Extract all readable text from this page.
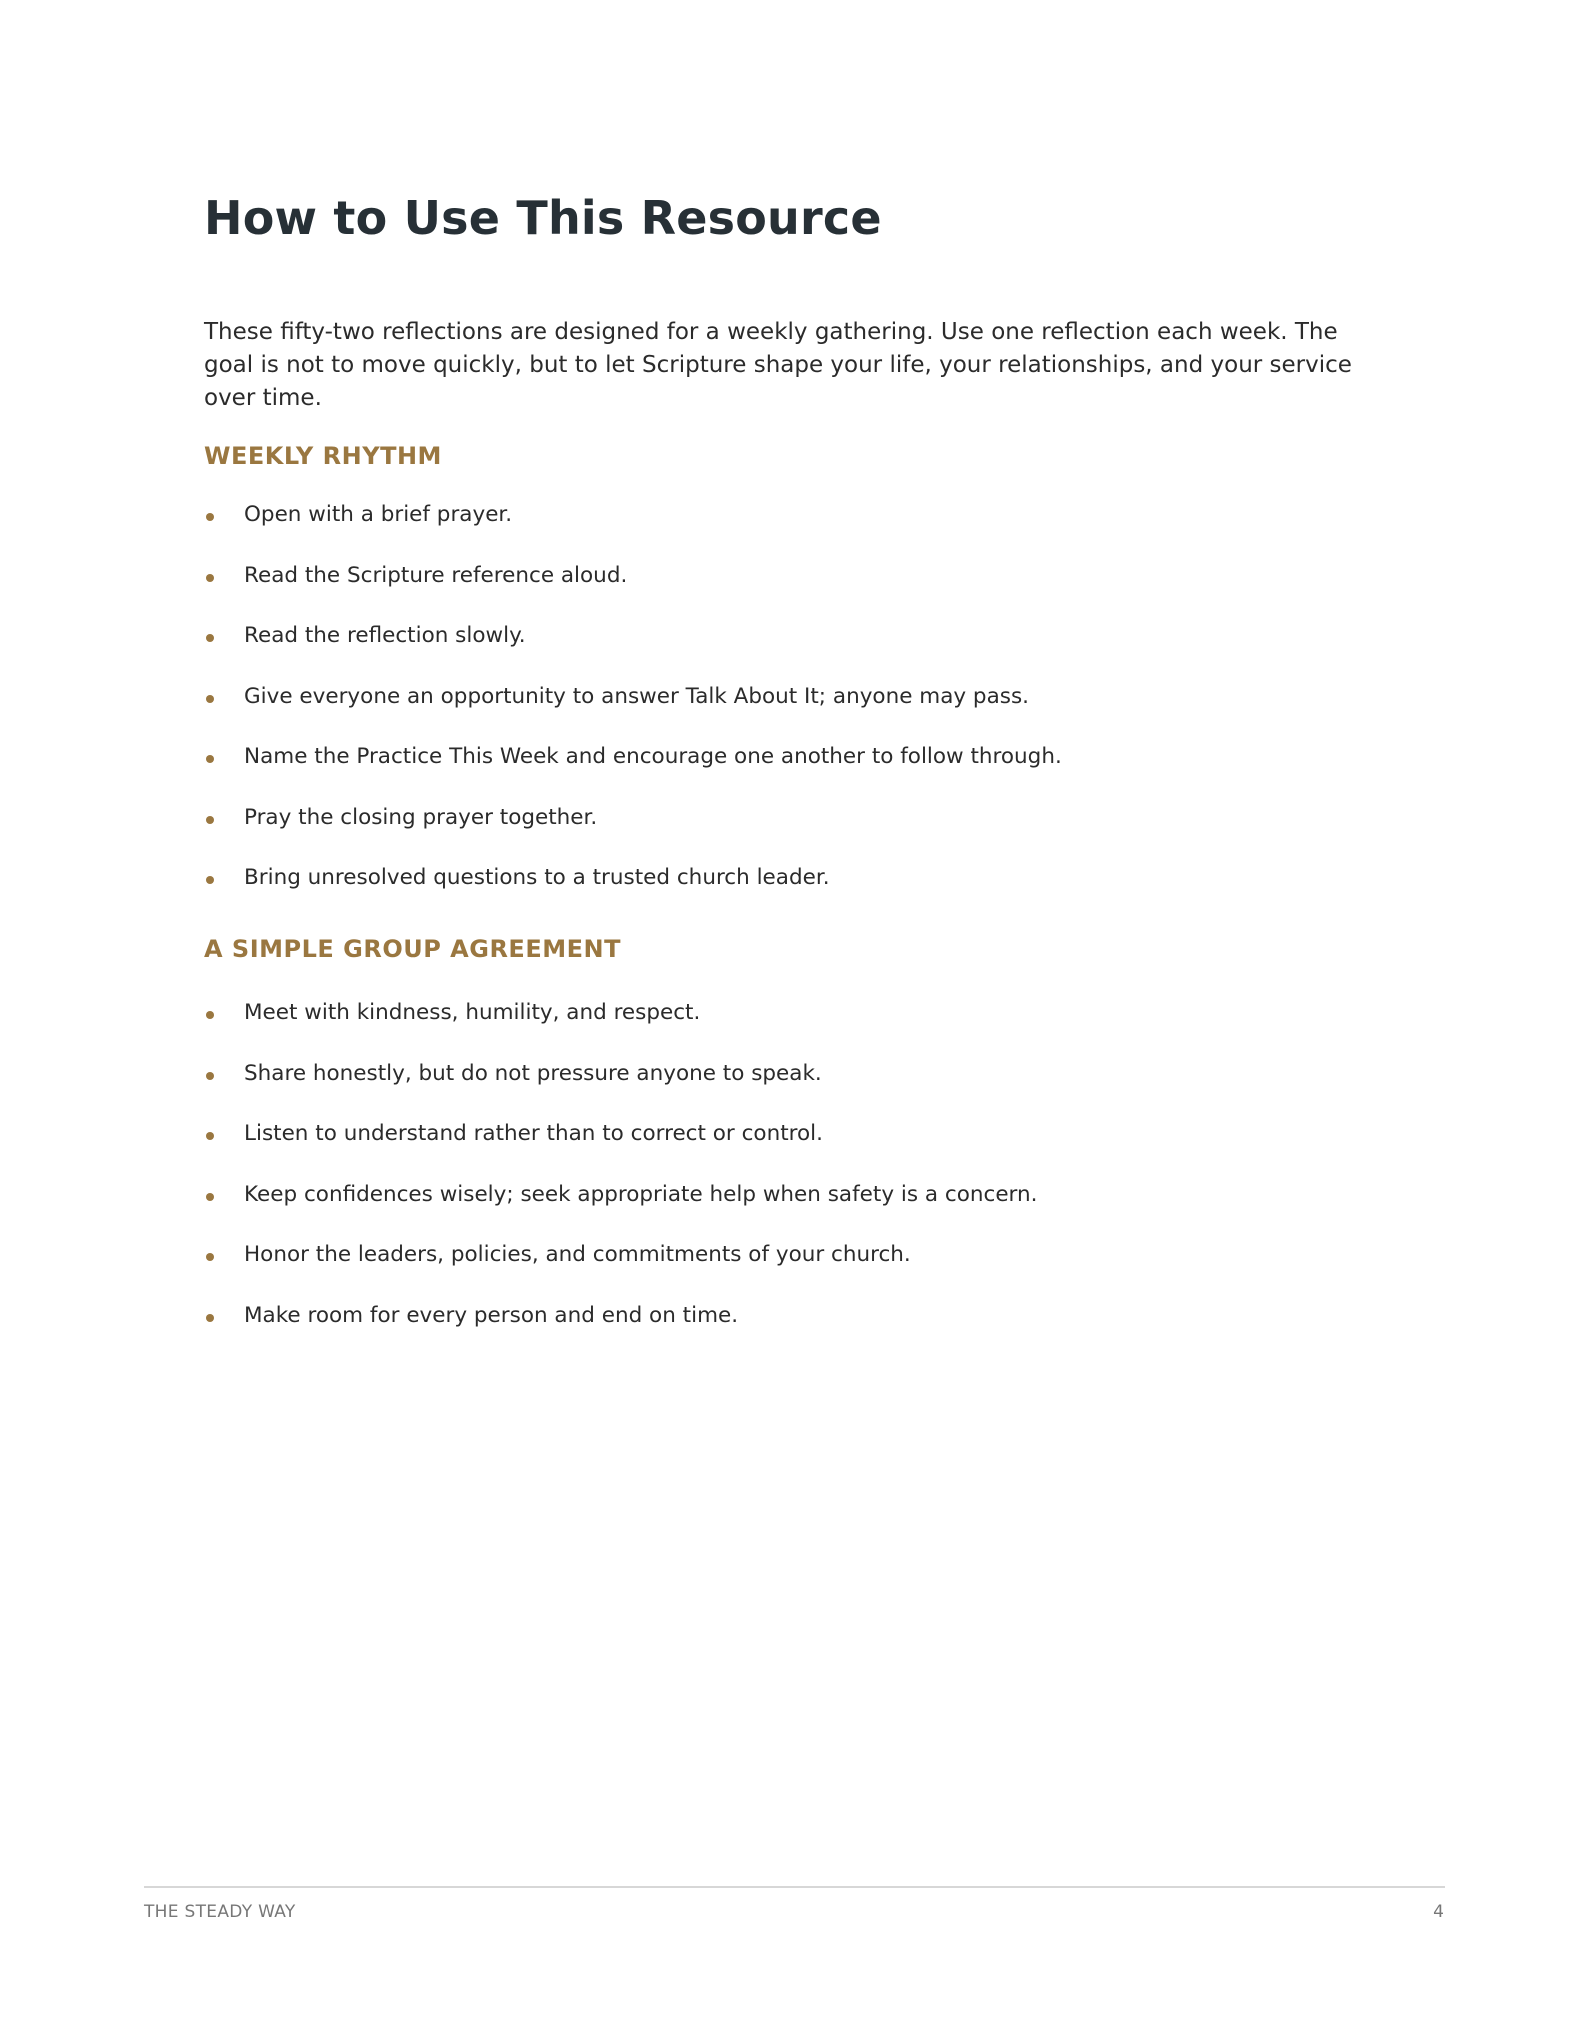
How to Use This Resource

These fifty-two reflections are designed for a weekly gathering. Use one reflection each week. The goal is not to move quickly, but to let Scripture shape your life, your relationships, and your service over time.

WEEKLY RHYTHM
Open with a brief prayer.
Read the Scripture reference aloud.
Read the reflection slowly.
Give everyone an opportunity to answer Talk About It; anyone may pass.
Name the Practice This Week and encourage one another to follow through.
Pray the closing prayer together.
Bring unresolved questions to a trusted church leader.
A SIMPLE GROUP AGREEMENT
Meet with kindness, humility, and respect.
Share honestly, but do not pressure anyone to speak.
Listen to understand rather than to correct or control.
Keep confidences wisely; seek appropriate help when safety is a concern.
Honor the leaders, policies, and commitments of your church.
Make room for every person and end on time.
THE STEADY WAY	4
